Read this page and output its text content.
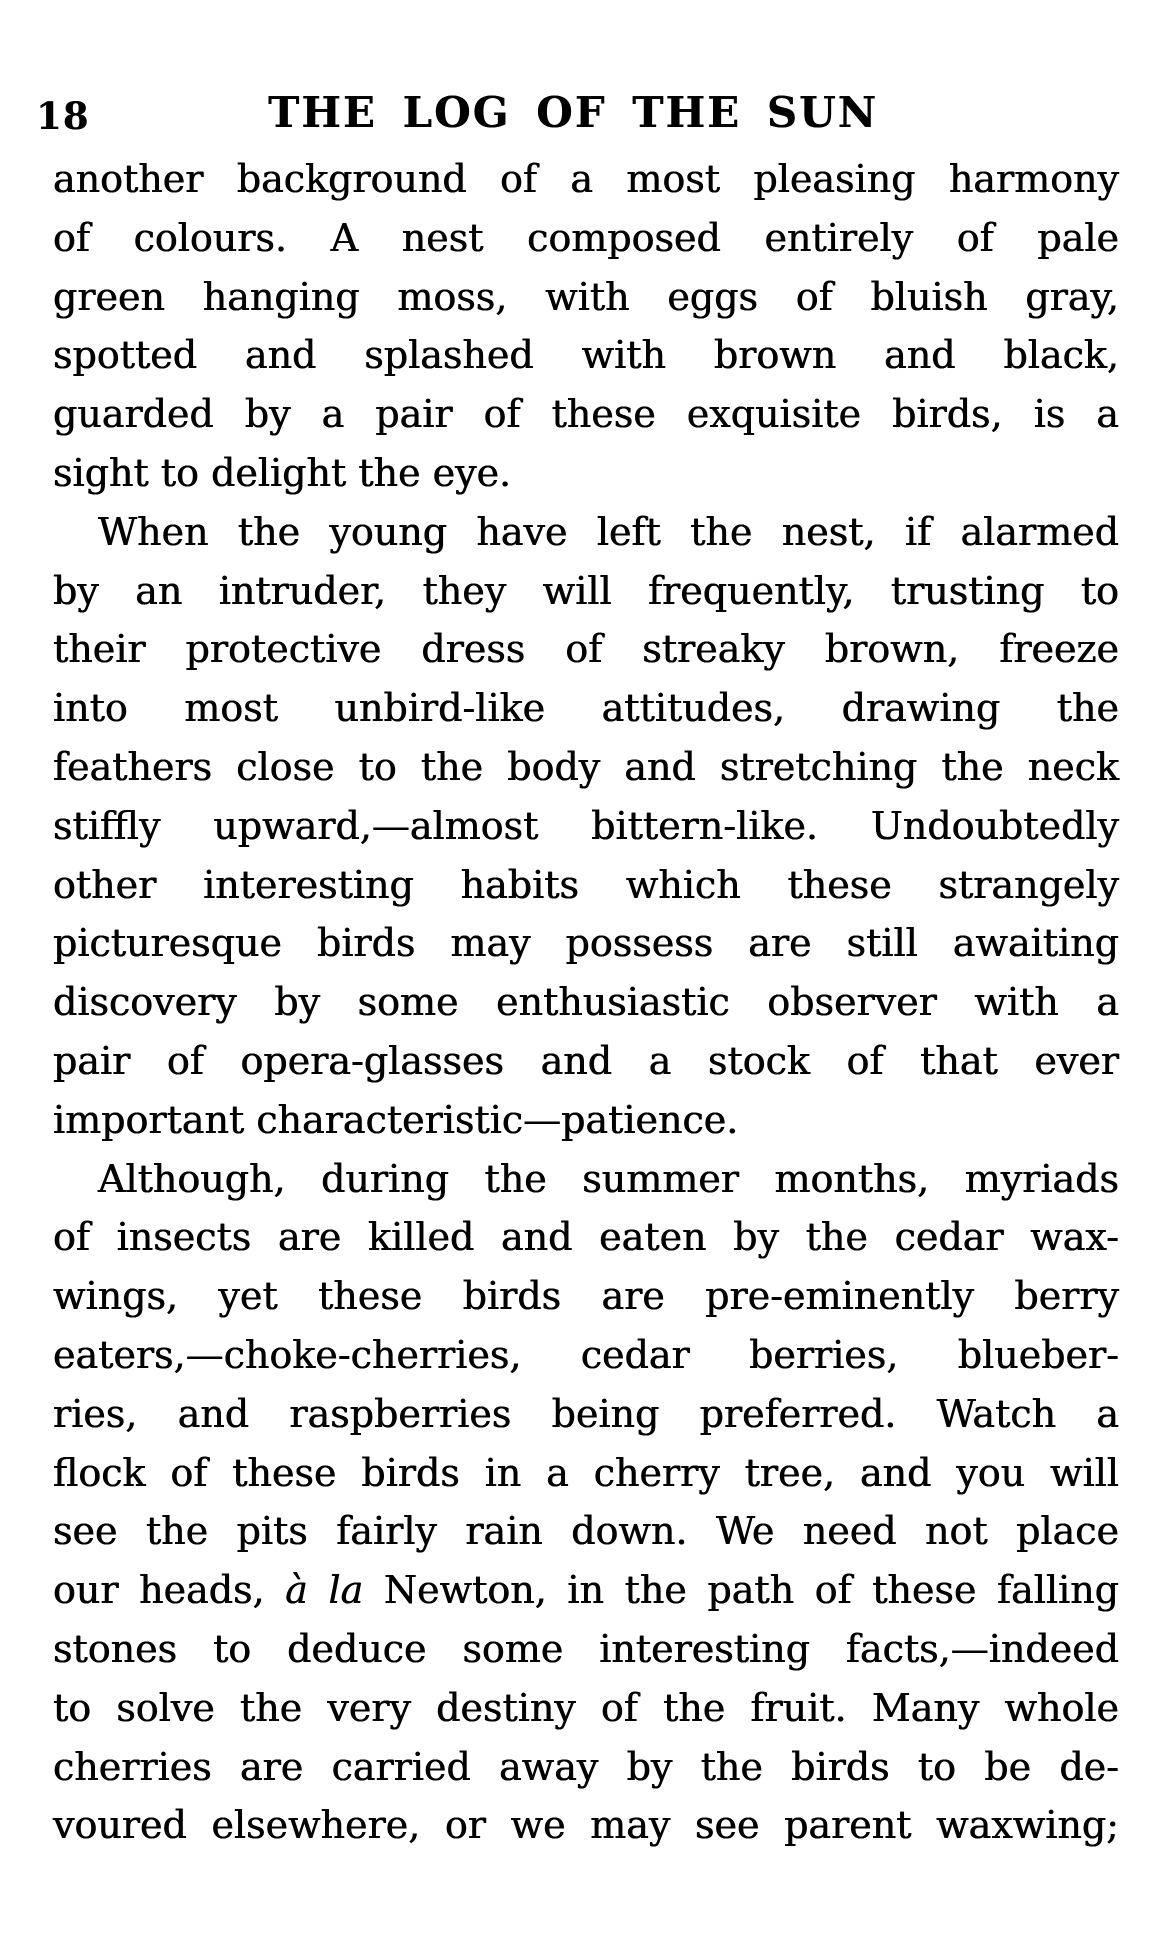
18	THE LOG OF THE SUN
another background of a most pleasing harmony
of colours. A nest composed entirely of pale
green hanging moss, with eggs of bluish gray,
spotted and splashed with brown and black,
guarded by a pair of these exquisite birds, is a
sight to delight the eye.
When the young have left the nest, if alarmed
by an intruder, they will frequently, trusting to
their protective dress of streaky brown, freeze
into most unbird-like attitudes, drawing the
feathers close to the body and stretching the neck
stiffly upward,—almost bittern-like. Undoubtedly
other interesting habits which these strangely
picturesque birds may possess are still awaiting
discovery by some enthusiastic observer with a
pair of opera-glasses and a stock of that ever
important characteristic—patience.
Although, during the summer months, myriads
of insects are killed and eaten by the cedar wax-
wings, yet these birds are pre-eminently berry
eaters,—choke-cherries, cedar berries, blueber-
ries, and raspberries being preferred. Watch a
flock of these birds in a cherry tree, and you will
see the pits fairly rain down. We need not place
our heads, à la Newton, in the path of these falling
stones to deduce some interesting facts,—indeed
to solve the very destiny of the fruit. Many whole
cherries are carried away by the birds to be de-
voured elsewhere, or we may see parent waxwing;
